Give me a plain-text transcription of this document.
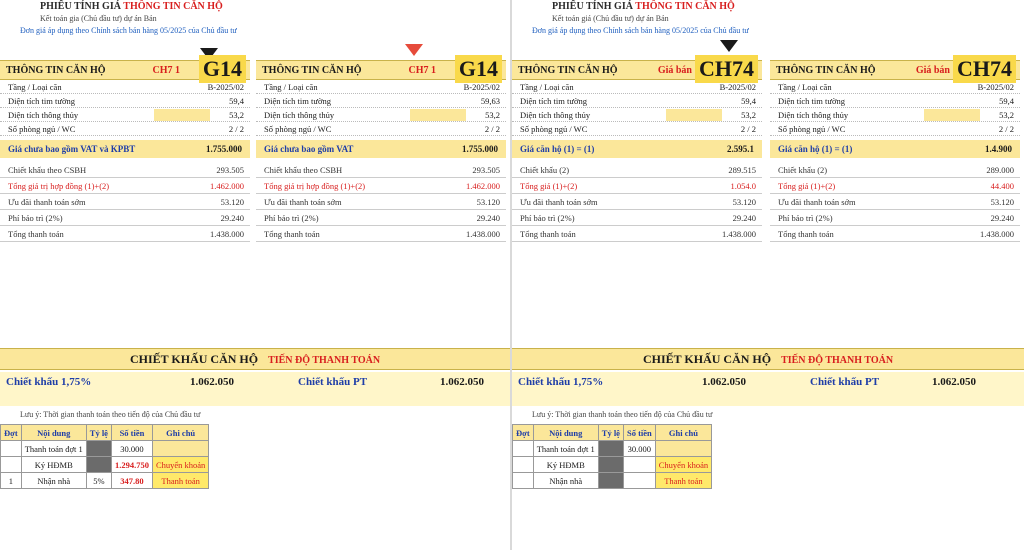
PHIẾU TÍNH GIÁ THÔNG TIN CĂN HỘ
Kết toán gia (Chủ đầu tư) dự án Bản
Đơn giá áp dụng theo Chính sách bán hàng 05/2025 của Chủ đầu tư
THÔNG TIN CĂN HỘ	CH7 1 G14
Tầng / Loại căn	B-2025/02
Diện tích tim tường	59,4
Diện tích thông thủy	53,2
Số phòng ngủ / WC	2 / 2
Giá chưa bao gồm VAT và KPBT	1.755.000
Chiết khấu theo CSBH	293.505
Tổng giá trị hợp đồng (1)+(2)	1.462.000
Ưu đãi thanh toán sớm	53.120
Phí bảo trì (2%)	29.240
Tổng thanh toán	1.438.000
THÔNG TIN CĂN HỘ	CH7 1 G14
Tầng / Loại căn	B-2025/02
Diện tích tim tường	59,63
Diện tích thông thủy	53,2
Số phòng ngủ / WC	2 / 2
Giá chưa bao gồm VAT	1.755.000
Chiết khấu theo CSBH	293.505
Tổng giá trị hợp đồng (1)+(2)	1.462.000
Ưu đãi thanh toán sớm	53.120
Phí bảo trì (2%)	29.240
Tổng thanh toán	1.438.000
CHIẾT KHẤU CĂN HỘ TIẾN ĐỘ THANH TOÁN
Chiết khấu 1,75%	1.062.050	Chiết khấu PT	1.062.050
Lưu ý: Thời gian thanh toán theo tiến độ của Chủ đầu tư
Đợt	Nội dung	Tỷ lệ	Số tiền	Ghi chú
	Thanh toán đợt 1		30.000	
	Ký HĐMB		1.294.750	Chuyển khoản
1	Nhận nhà	5%	347.80	Thanh toán
PHIẾU TÍNH GIÁ THÔNG TIN CĂN HỘ
Kết toán giá (Chủ đầu tư) dự án Bản
Đơn giá áp dụng theo Chính sách bán hàng 05/2025 của Chủ đầu tư
THÔNG TIN CĂN HỘ	Giá bán CH74
Tầng / Loại căn	B-2025/02
Diện tích tim tường	59,4
Diện tích thông thủy	53,2
Số phòng ngủ / WC	2 / 2
Giá căn hộ (1) = (1)	2.595.1
Chiết khấu (2)	289.515
Tổng giá (1)+(2)	1.054.0
Ưu đãi thanh toán sớm	53.120
Phí bảo trì (2%)	29.240
Tổng thanh toán	1.438.000
THÔNG TIN CĂN HỘ	Giá bán CH74
Tầng / Loại căn	B-2025/02
Diện tích tim tường	59,4
Diện tích thông thủy	53,2
Số phòng ngủ / WC	2 / 2
Giá căn hộ (1) = (1)	1.4.900
Chiết khấu (2)	289.000
Tổng giá (1)+(2)	44.400
Ưu đãi thanh toán sớm	53.120
Phí bảo trì (2%)	29.240
Tổng thanh toán	1.438.000
CHIẾT KHẤU CĂN HỘ TIẾN ĐỘ THANH TOÁN
Chiết khấu 1,75%	1.062.050	Chiết khấu PT	1.062.050
Lưu ý: Thời gian thanh toán theo tiến độ của Chủ đầu tư
Đợt	Nội dung	Tỷ lệ	Số tiền	Ghi chú
	Thanh toán đợt 1		30.000	
	Ký HĐMB			Chuyển khoản
	Nhận nhà			Thanh toán
